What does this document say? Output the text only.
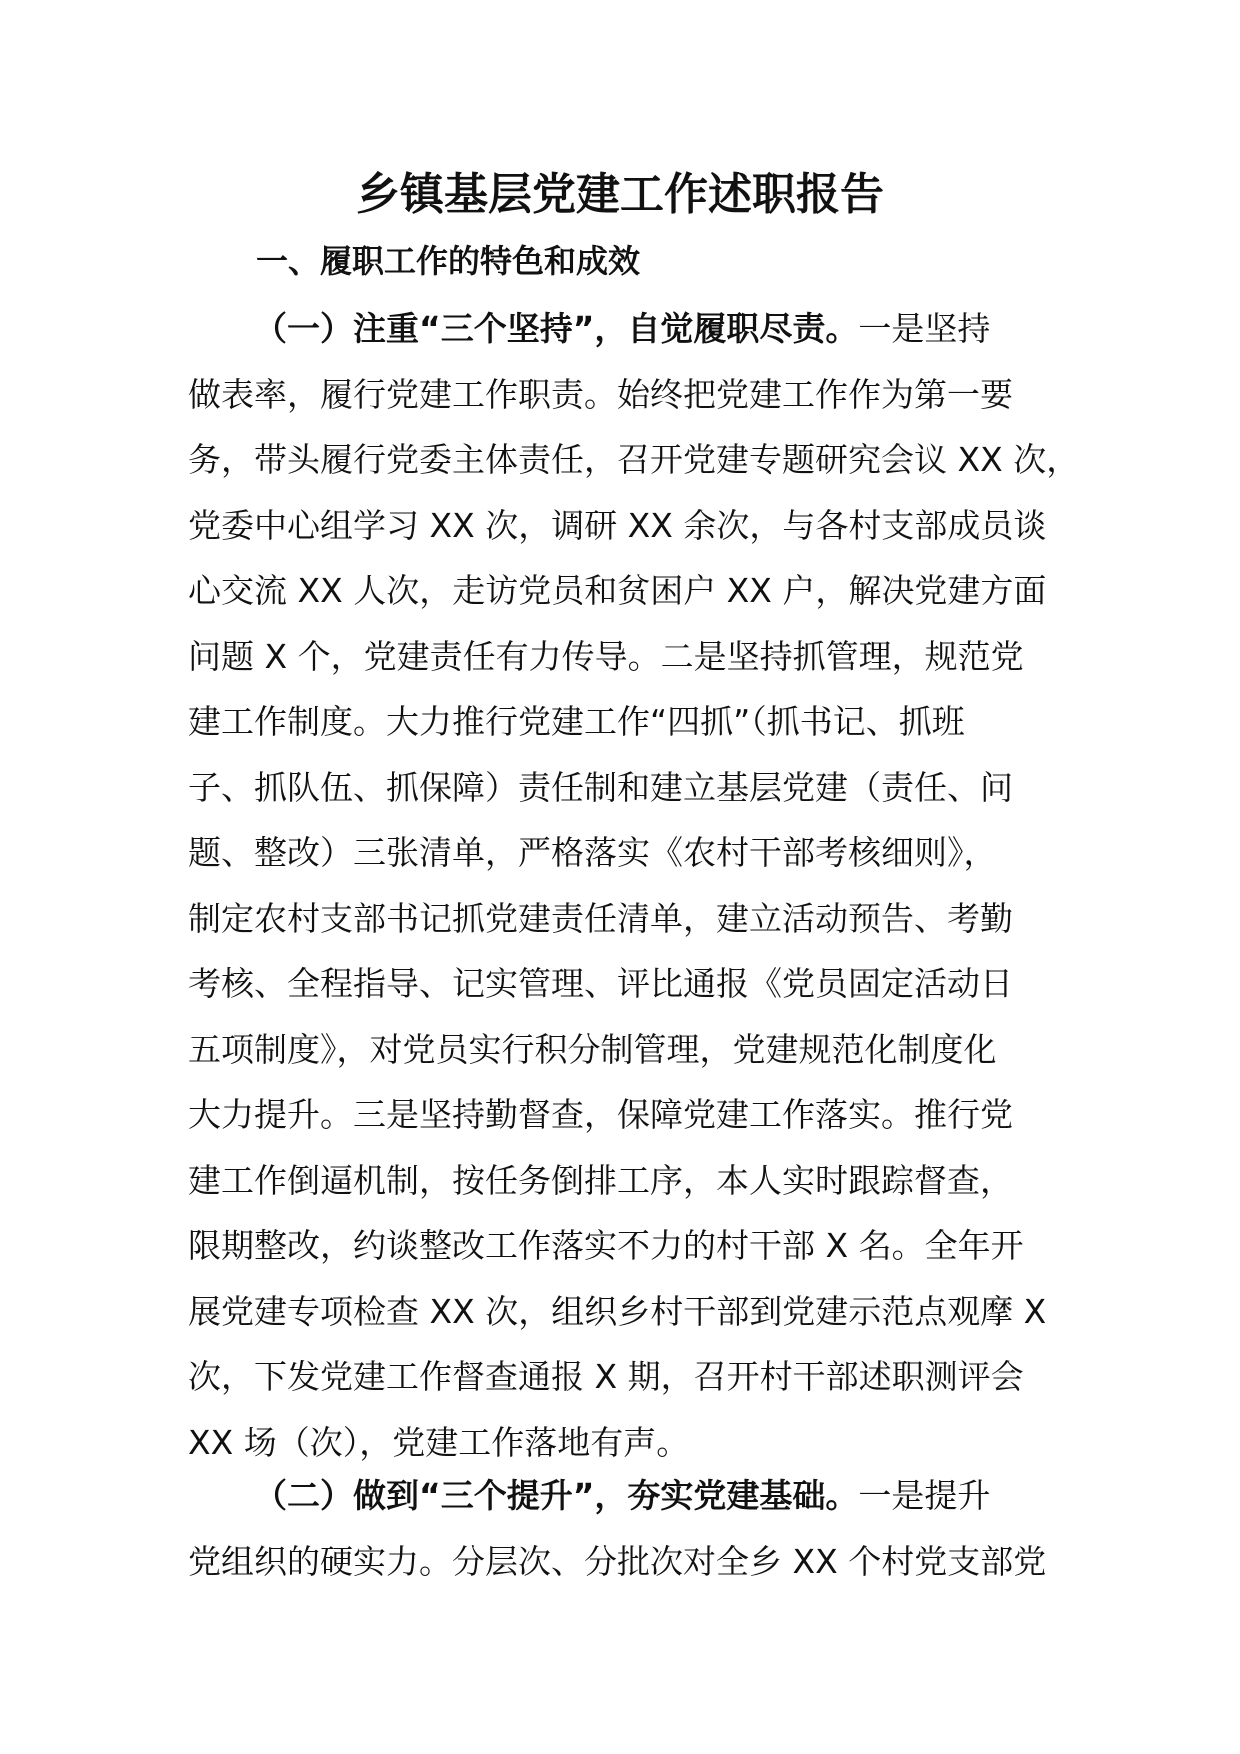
乡镇基层党建工作述职报告
一、履职工作的特色和成效
（一）注重“三个坚持”，自觉履职尽责。一是坚持
做表率，履行党建工作职责。始终把党建工作作为第一要
务，带头履行党委主体责任，召开党建专题研究会议 XX 次，
党委中心组学习 XX 次，调研 XX 余次，与各村支部成员谈
心交流 XX 人次，走访党员和贫困户 XX 户，解决党建方面
问题 X 个，党建责任有力传导。二是坚持抓管理，规范党
建工作制度。大力推行党建工作“四抓”（抓书记、抓班
子、抓队伍、抓保障）责任制和建立基层党建（责任、问
题、整改）三张清单，严格落实《农村干部考核细则》，
制定农村支部书记抓党建责任清单，建立活动预告、考勤
考核、全程指导、记实管理、评比通报《党员固定活动日
五项制度》，对党员实行积分制管理，党建规范化制度化
大力提升。三是坚持勤督查，保障党建工作落实。推行党
建工作倒逼机制，按任务倒排工序，本人实时跟踪督查，
限期整改，约谈整改工作落实不力的村干部 X 名。全年开
展党建专项检查 XX 次，组织乡村干部到党建示范点观摩 X
次，下发党建工作督查通报 X 期，召开村干部述职测评会
XX 场（次），党建工作落地有声。
（二）做到“三个提升”，夯实党建基础。一是提升
党组织的硬实力。分层次、分批次对全乡 XX 个村党支部党
